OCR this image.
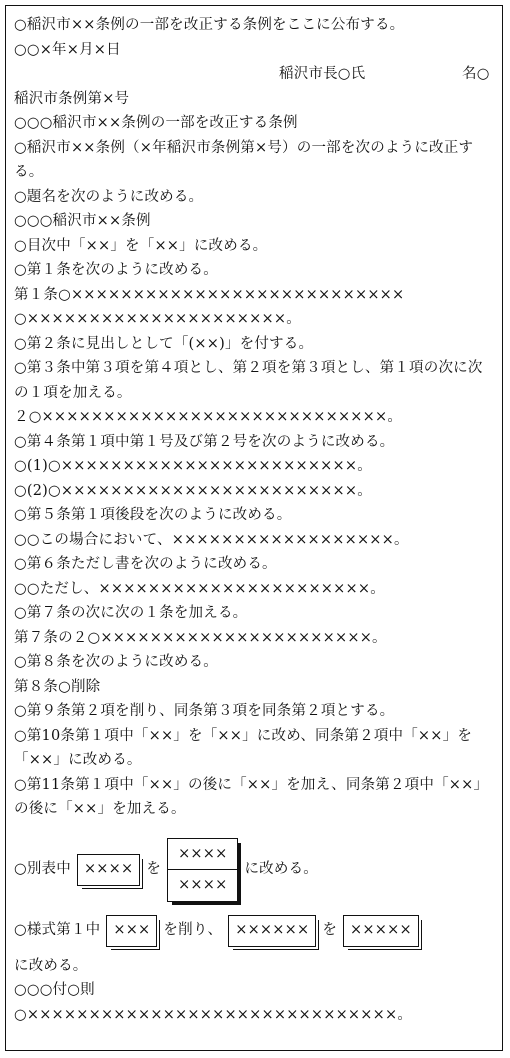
○稲沢市××条例の一部を改正する条例をここに公布する。
○○×年×月×日
稲沢市長○氏	名○
稲沢市条例第×号
○○○稲沢市××条例の一部を改正する条例
○稲沢市××条例（×年稲沢市条例第×号）の一部を次のように改正する。
○題名を次のように改める。
○○○稲沢市××条例
○目次中「××」を「××」に改める。
○第１条を次のように改める。
第１条○×××××××××××××××××××××××××××
○×××××××××××××××××××××。
○第２条に見出しとして「(××)」を付する。
○第３条中第３項を第４項とし、第２項を第３項とし、第１項の次に次の１項を加える。
２○××××××××××××××××××××××××××××。
○第４条第１項中第１号及び第２号を次のように改める。
○(1)○××××××××××××××××××××××××。
○(2)○××××××××××××××××××××××××。
○第５条第１項後段を次のように改める。
○○この場合において、××××××××××××××××××。
○第６条ただし書を次のように改める。
○○ただし、××××××××××××××××××××××。
○第７条の次に次の１条を加える。
第７条の２○××××××××××××××××××××××。
○第８条を次のように改める。
第８条○削除
○第９条第２項を削り、同条第３項を同条第２項とする。
○第10条第１項中「××」を「××」に改め、同条第２項中「××」を「××」に改める。
○第11条第１項中「××」の後に「××」を加え、同条第２項中「××」の後に「××」を加える。
○別表中 ×××× を
××××
××××
に改める。
○様式第１中 ××× を削り、 ×××××× を ×××××
に改める。
○○○付○則
○××××××××××××××××××××××××××××××。
